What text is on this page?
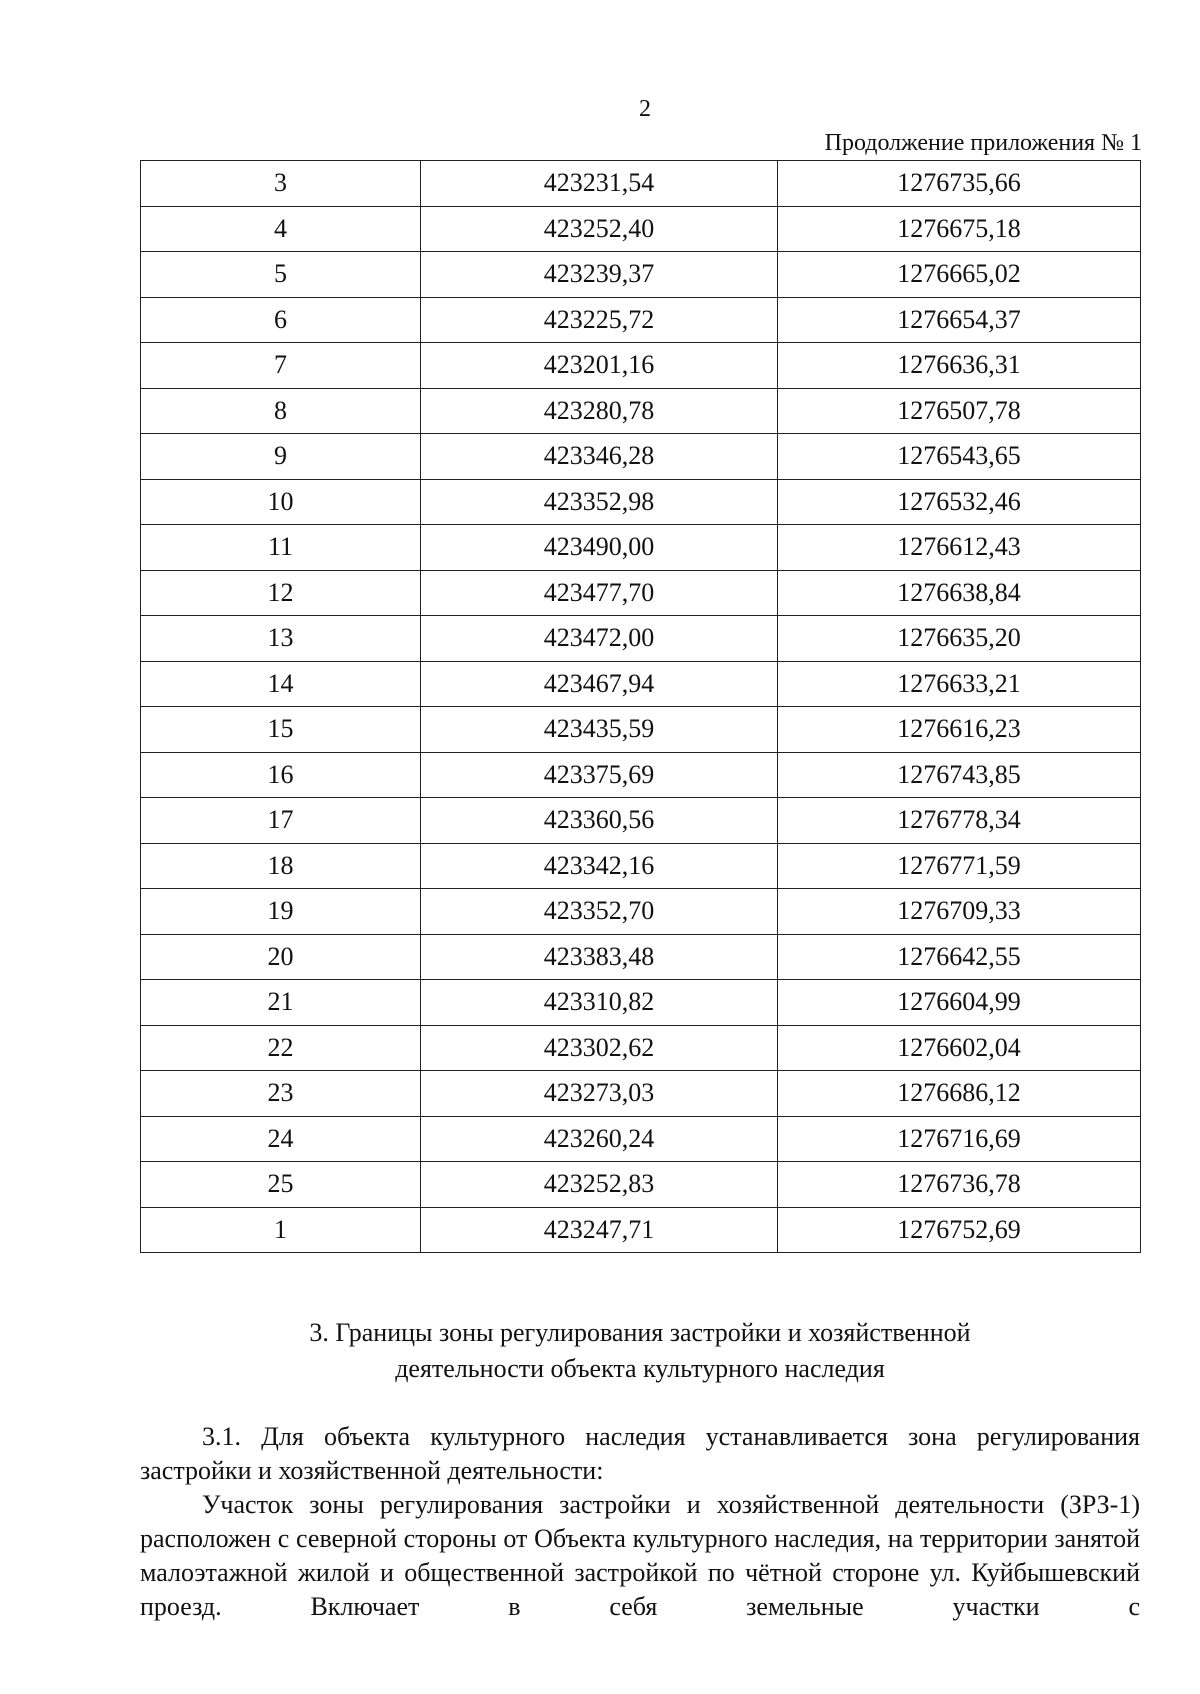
2
Продолжение приложения № 1
3	423231,54	1276735,66
4	423252,40	1276675,18
5	423239,37	1276665,02
6	423225,72	1276654,37
7	423201,16	1276636,31
8	423280,78	1276507,78
9	423346,28	1276543,65
10	423352,98	1276532,46
11	423490,00	1276612,43
12	423477,70	1276638,84
13	423472,00	1276635,20
14	423467,94	1276633,21
15	423435,59	1276616,23
16	423375,69	1276743,85
17	423360,56	1276778,34
18	423342,16	1276771,59
19	423352,70	1276709,33
20	423383,48	1276642,55
21	423310,82	1276604,99
22	423302,62	1276602,04
23	423273,03	1276686,12
24	423260,24	1276716,69
25	423252,83	1276736,78
1	423247,71	1276752,69
3. Границы зоны регулирования застройки и хозяйственной
деятельности объекта культурного наследия

3.1. Для объекта культурного наследия устанавливается зона регулирования застройки и хозяйственной деятельности:

Участок зоны регулирования застройки и хозяйственной деятельности (ЗРЗ-1) расположен с северной стороны от Объекта культурного наследия, на территории занятой малоэтажной жилой и общественной застройкой по чётной стороне ул. Куйбышевский проезд. Включает в себя земельные участки с
